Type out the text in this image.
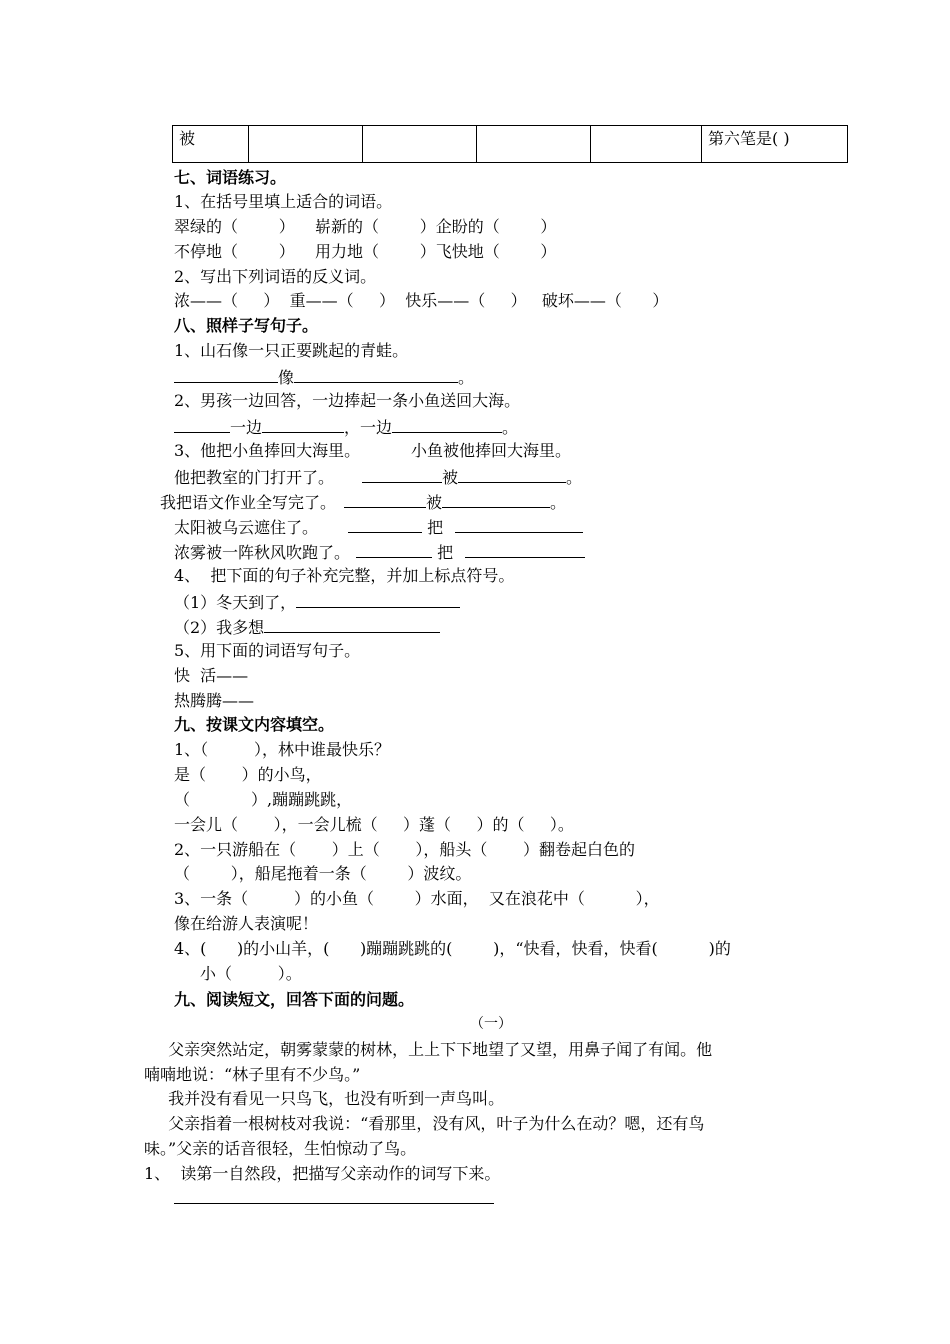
被					第六笔是( )
七、词语练习。
1、在括号里填上适合的词语。
翠绿的（        ）    崭新的（        ）企盼的（        ）
不停地（        ）    用力地（        ）飞快地（        ）
2、写出下列词语的反义词。
浓——（     ）  重——（     ）  快乐——（     ）   破坏——（      ）
八、照样子写句子。
1、山石像一只正要跳起的青蛙。
像	。
2、男孩一边回答，一边捧起一条小鱼送回大海。
一边	，一边	。
3、他把小鱼捧回大海里。          小鱼被他捧回大海里。
他把教室的门打开了。	被	。
我把语文作业全写完了。	被	。
太阳被乌云遮住了。	把
浓雾被一阵秋风吹跑了。	把
4、  把下面的句子补充完整，并加上标点符号。
（1）冬天到了，
（2）我多想
5、用下面的词语写句子。
快  活——
热腾腾——
九、按课文内容填空。
1、（         ），林中谁最快乐？
是（       ）的小鸟，
（            ）,蹦蹦跳跳，
一会儿（       ），一会儿梳（     ）蓬（     ）的（     ）。
2、一只游船在（       ）上（       ），船头（       ）翻卷起白色的
（        ），船尾拖着一条（        ）波纹。
3、一条（         ）的小鱼（        ）水面，  又在浪花中（          ），
像在给游人表演呢！
4、(      )的小山羊，(      )蹦蹦跳跳的(        )，“快看，快看，快看(          )的
小（         ）。
九、阅读短文，回答下面的问题。
（一）
父亲突然站定，朝雾蒙蒙的树林，上上下下地望了又望，用鼻子闻了有闻。他
喃喃地说：“林子里有不少鸟。”
我并没有看见一只鸟飞，也没有听到一声鸟叫。
父亲指着一根树枝对我说：“看那里，没有风，叶子为什么在动？嗯，还有鸟
味。”父亲的话音很轻，生怕惊动了鸟。
1、  读第一自然段，把描写父亲动作的词写下来。
